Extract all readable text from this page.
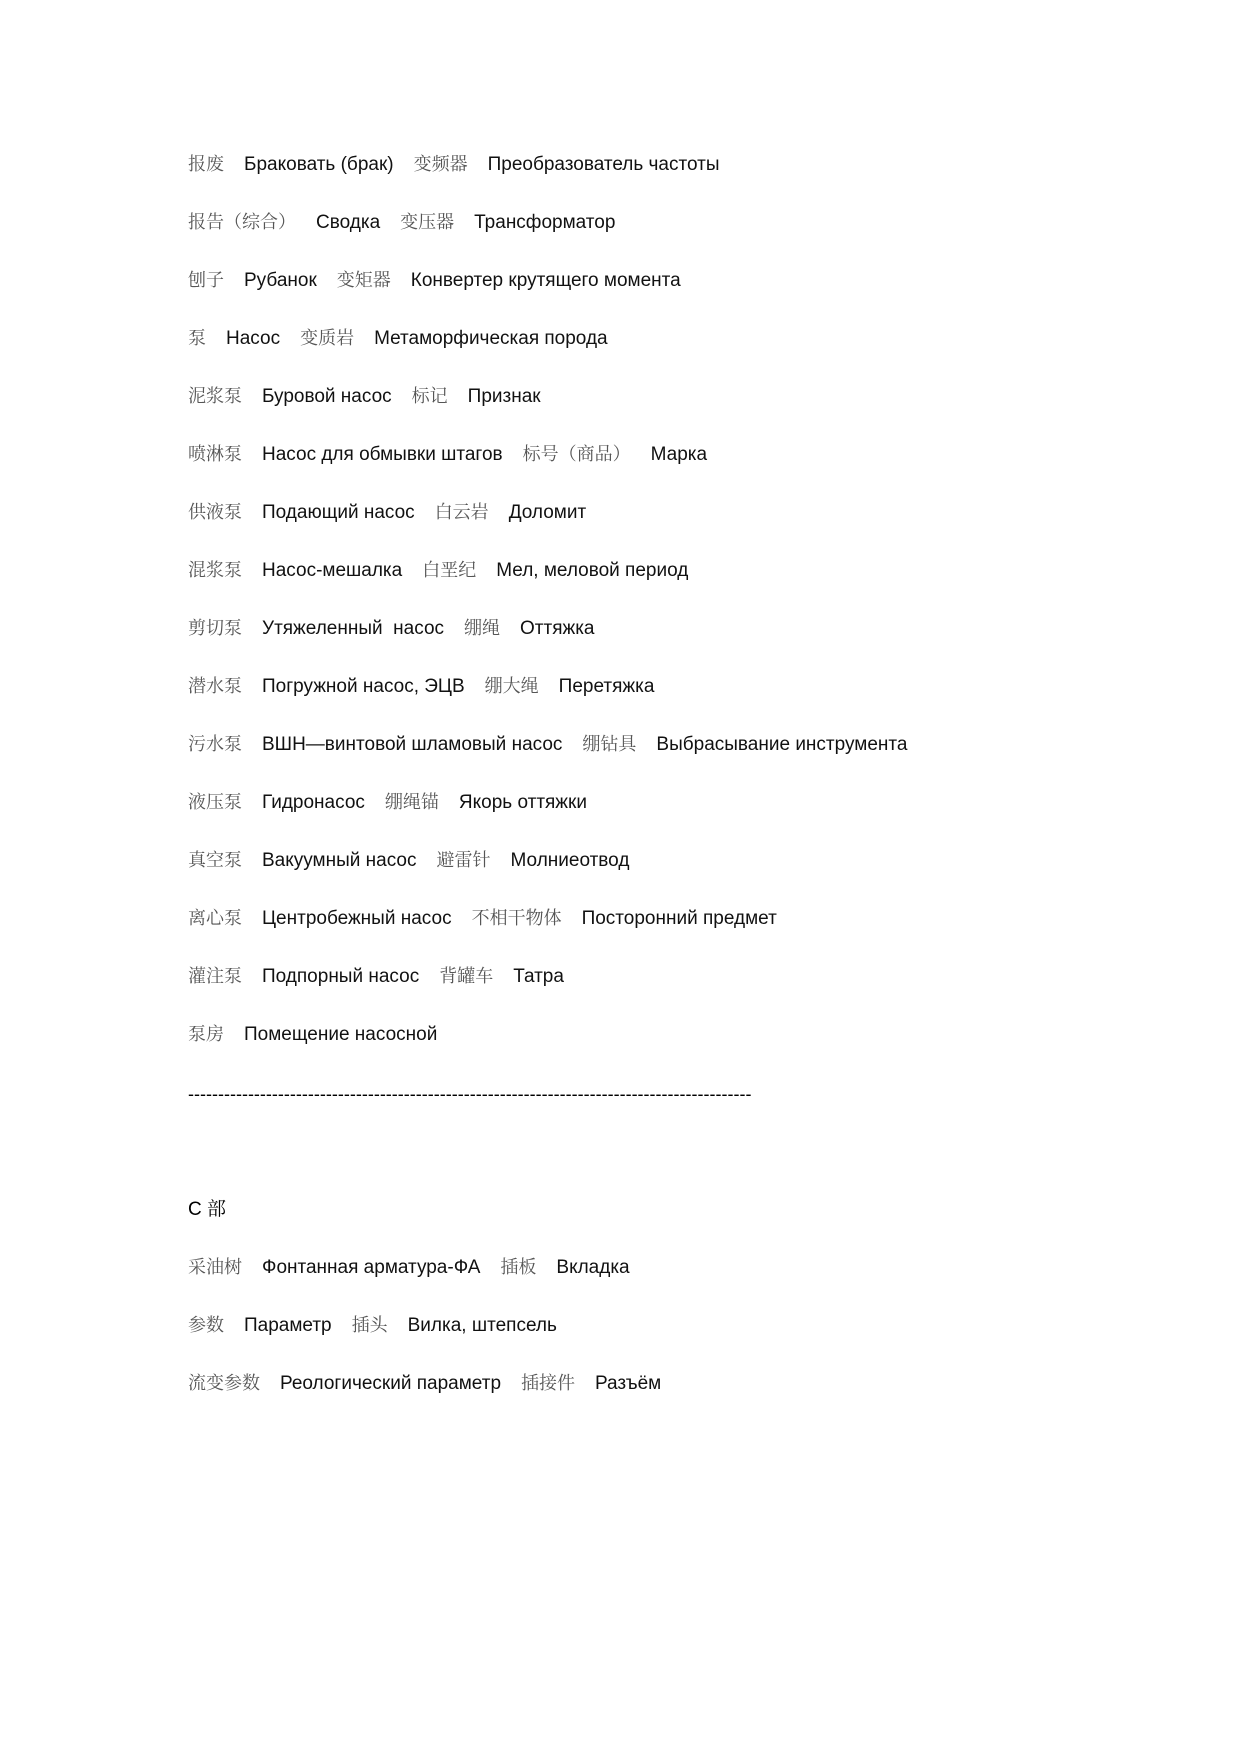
报废 Браковать (брак) 变频器 Преобразователь частоты
报告（综合） Сводка 变压器 Трансформатор
刨子 Рубанок 变矩器 Конвертер крутящего момента
泵 Насос 变质岩 Метаморфическая порода
泥浆泵 Буровой насос 标记 Признак
喷淋泵 Насос для обмывки штагов 标号（商品） Марка
供液泵 Подающий насос 白云岩 Доломит
混浆泵 Насос-мешалка 白垩纪 Мел, меловой период
剪切泵 Утяжеленный  насос 绷绳 Оттяжка
潜水泵 Погружной насос, ЭЦВ 绷大绳 Перетяжка
污水泵 ВШН—винтовой шламовый насос 绷钻具 Выбрасывание инструмента
液压泵 Гидронасос 绷绳锚 Якорь оттяжки
真空泵 Вакуумный насос 避雷针 Молниеотвод
离心泵 Центробежный насос 不相干物体 Посторонний предмет
灌注泵 Подпорный насос 背罐车 Татра
泵房 Помещение насосной
----------------------------------------------------------------------------------------------
C 部
采油树 Фонтанная арматура-ФА 插板 Вкладка
参数 Параметр 插头 Вилка, штепсель
流变参数 Реологический параметр 插接件 Разъём
